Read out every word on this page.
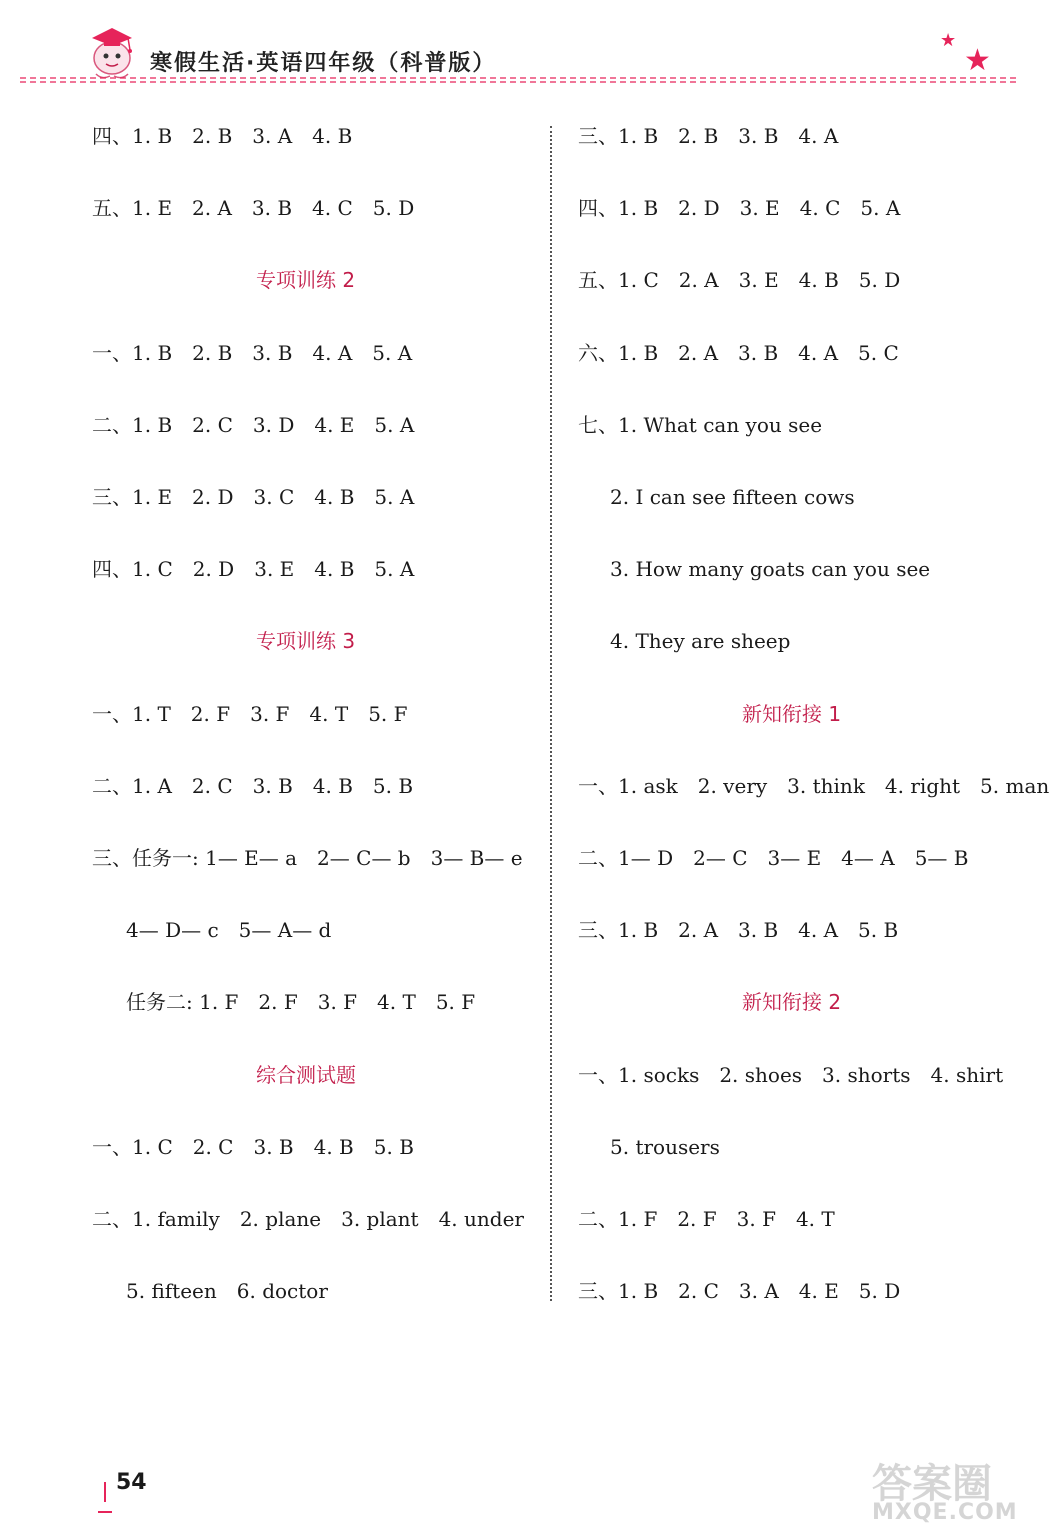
寒假生活·英语四年级（科普版）
★
★
四、1. B　2. B　3. A　4. B
五、1. E　2. A　3. B　4. C　5. D
专项训练 2
一、1. B　2. B　3. B　4. A　5. A
二、1. B　2. C　3. D　4. E　5. A
三、1. E　2. D　3. C　4. B　5. A
四、1. C　2. D　3. E　4. B　5. A
专项训练 3
一、1. T　2. F　3. F　4. T　5. F
二、1. A　2. C　3. B　4. B　5. B
三、任务一: 1— E— a　2— C— b　3— B— e
4— D— c　5— A— d
任务二: 1. F　2. F　3. F　4. T　5. F
综合测试题
一、1. C　2. C　3. B　4. B　5. B
二、1. family　2. plane　3. plant　4. under
5. fifteen　6. doctor
三、1. B　2. B　3. B　4. A
四、1. B　2. D　3. E　4. C　5. A
五、1. C　2. A　3. E　4. B　5. D
六、1. B　2. A　3. B　4. A　5. C
七、1. What can you see
2. I can see fifteen cows
3. How many goats can you see
4. They are sheep
新知衔接 1
一、1. ask　2. very　3. think　4. right　5. man
二、1— D　2— C　3— E　4— A　5— B
三、1. B　2. A　3. B　4. A　5. B
新知衔接 2
一、1. socks　2. shoes　3. shorts　4. shirt
5. trousers
二、1. F　2. F　3. F　4. T
三、1. B　2. C　3. A　4. E　5. D
54	答案圈
MXQE.COM
